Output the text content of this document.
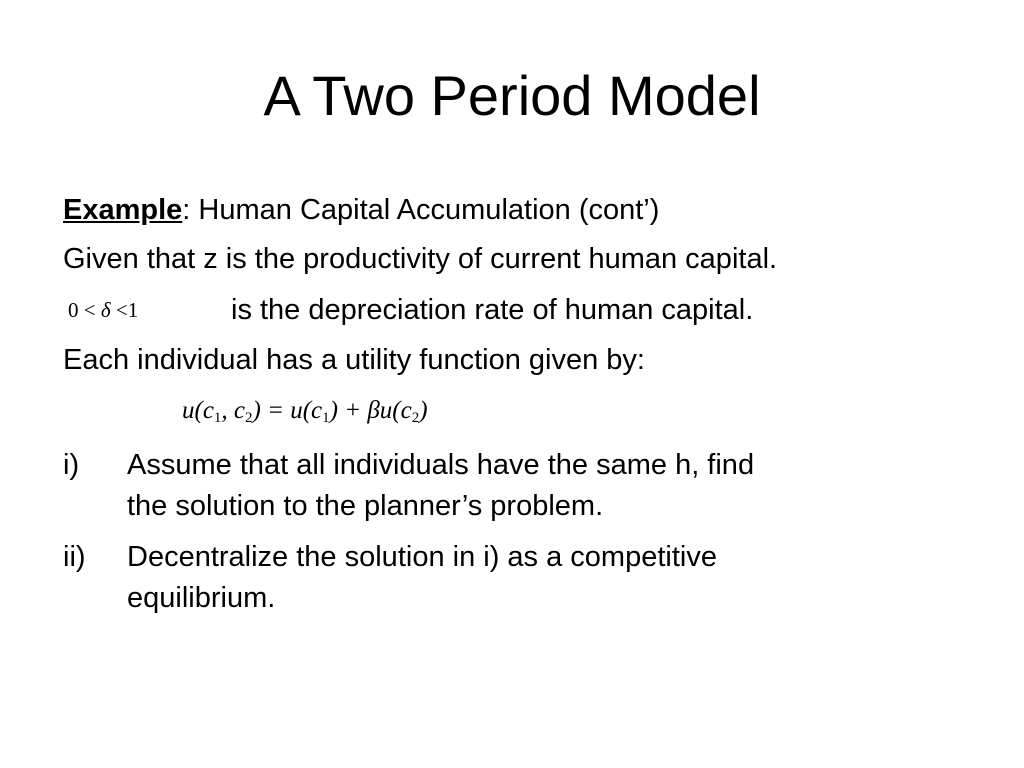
A Two Period Model
Example: Human Capital Accumulation (cont’)
Given that z is the productivity of current human capital.
0 < δ <1	is the depreciation rate of human capital.
Each individual has a utility function given by:
$u(c_1$, $c_2) = u(c_1) + \beta u(c_2)$
i) Assume that all individuals have the same h, find
the solution to the planner’s problem.
ii) Decentralize the solution in i) as a competitive
equilibrium.
